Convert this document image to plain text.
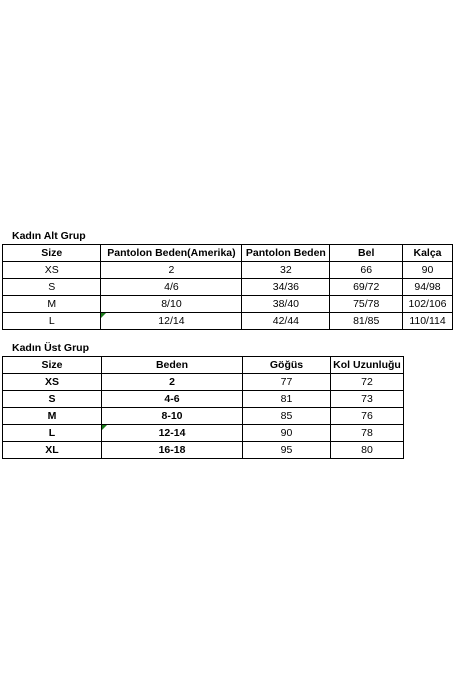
Kadın Alt Grup
Size	Pantolon Beden(Amerika)	Pantolon Beden	Bel	Kalça
XS	2	32	66	90
S	4/6	34/36	69/72	94/98
M	8/10	38/40	75/78	102/106
L	12/14	42/44	81/85	110/114
Kadın Üst Grup
Size	Beden	Göğüs	Kol Uzunluğu
XS	2	77	72
S	4-6	81	73
M	8-10	85	76
L	12-14	90	78
XL	16-18	95	80
